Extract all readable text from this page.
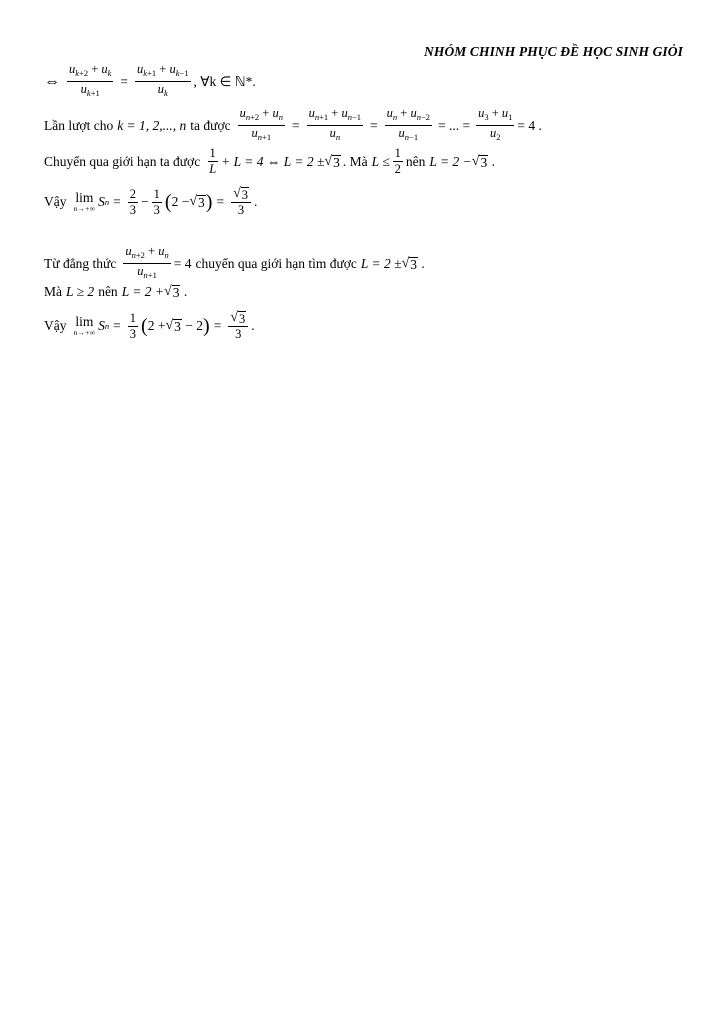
NHÓM CHINH PHỤC ĐỀ HỌC SINH GIỎI
⇔ $\frac{u_{k+2} + u_k}{u_{k+1}} = \frac{u_{k+1} + u_{k-1}}{u_k}$ , ∀k ∈ ℕ*.
Lần lượt cho k = 1, 2,..., n ta được $\frac{u_{n+2} + u_n}{u_{n+1}} = \frac{u_{n+1} + u_{n-1}}{u_n} = \frac{u_n + u_{n-2}}{u_{n-1}}$ = ... = $\frac{u_3 + u_1}{u_2} = 4$ .
Chuyển qua giới hạn ta được $\frac{1}{L} + L = 4$ ⇔ L = 2 ± √ 3 . Mà $L \le \frac{1}{2}$ nên L = 2 − √ 3 .
Vậy lim
n→+∞ S $n = \frac{2}{3} - \frac{1}{3}$ ( 2 − √ 3 ) = $\frac{√ 3}{3}$ .
Từ đẳng thức $\frac{u_{n+2} + u_n}{u_{n+1}} = 4$ chuyển qua giới hạn tìm được L = 2 ± √ 3 .
Mà L ≥ 2 nên L = 2 + √ 3 .
Vậy lim
n→+∞ S $n = \frac{1}{3}$ ( 2 + √ 3 − 2 ) = $\frac{√ 3}{3}$ .
